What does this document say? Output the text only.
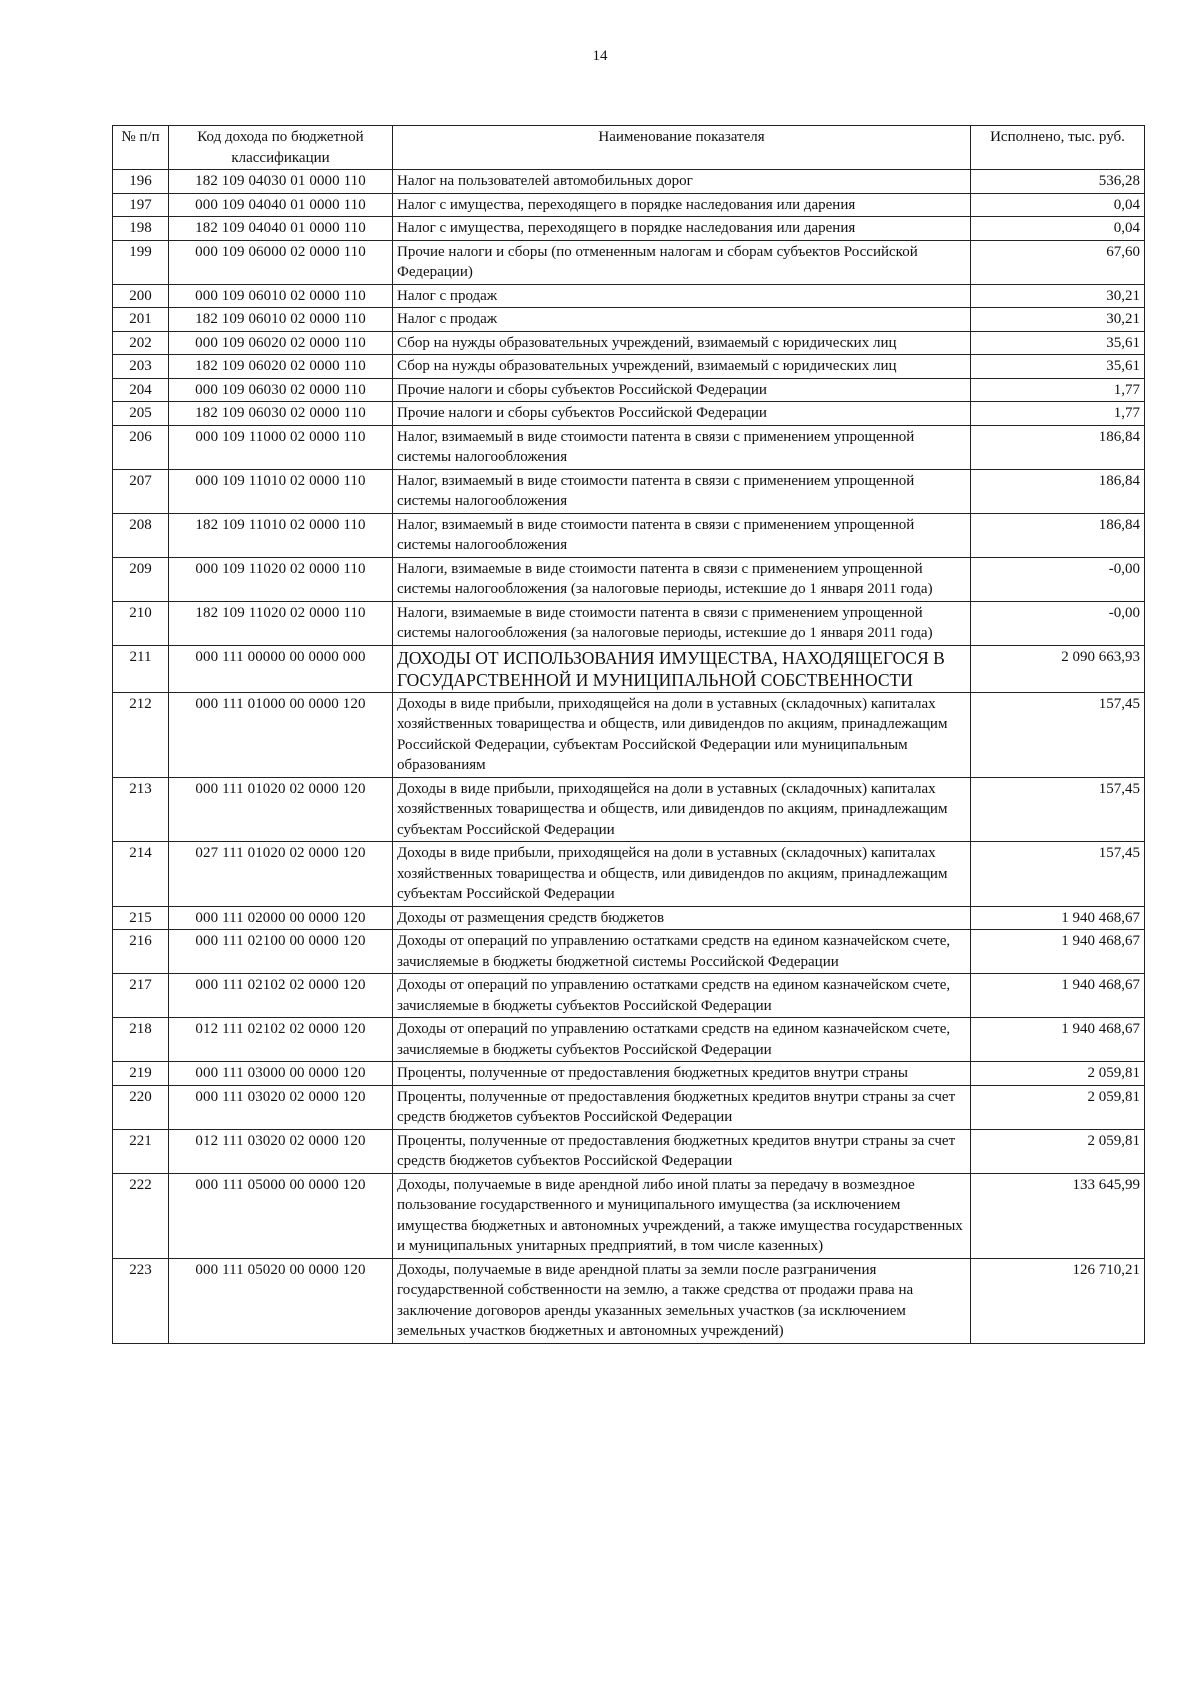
14
№ п/п	Код дохода по бюджетной классификации	Наименование показателя	Исполнено, тыс. руб.
196	182 109 04030 01 0000 110	Налог на пользователей автомобильных дорог	536,28
197	000 109 04040 01 0000 110	Налог с имущества, переходящего в порядке наследования или дарения	0,04
198	182 109 04040 01 0000 110	Налог с имущества, переходящего в порядке наследования или дарения	0,04
199	000 109 06000 02 0000 110	Прочие налоги и сборы (по отмененным налогам и сборам субъектов Российской Федерации)	67,60
200	000 109 06010 02 0000 110	Налог с продаж	30,21
201	182 109 06010 02 0000 110	Налог с продаж	30,21
202	000 109 06020 02 0000 110	Сбор на нужды образовательных учреждений, взимаемый с юридических лиц	35,61
203	182 109 06020 02 0000 110	Сбор на нужды образовательных учреждений, взимаемый с юридических лиц	35,61
204	000 109 06030 02 0000 110	Прочие налоги и сборы субъектов Российской Федерации	1,77
205	182 109 06030 02 0000 110	Прочие налоги и сборы субъектов Российской Федерации	1,77
206	000 109 11000 02 0000 110	Налог, взимаемый в виде стоимости патента в связи с применением упрощенной системы налогообложения	186,84
207	000 109 11010 02 0000 110	Налог, взимаемый в виде стоимости патента в связи с применением упрощенной системы налогообложения	186,84
208	182 109 11010 02 0000 110	Налог, взимаемый в виде стоимости патента в связи с применением упрощенной системы налогообложения	186,84
209	000 109 11020 02 0000 110	Налоги, взимаемые в виде стоимости патента в связи с применением упрощенной системы налогообложения (за налоговые периоды, истекшие до 1 января 2011 года)	-0,00
210	182 109 11020 02 0000 110	Налоги, взимаемые в виде стоимости патента в связи с применением упрощенной системы налогообложения (за налоговые периоды, истекшие до 1 января 2011 года)	-0,00
211	000 111 00000 00 0000 000	ДОХОДЫ ОТ ИСПОЛЬЗОВАНИЯ ИМУЩЕСТВА, НАХОДЯЩЕГОСЯ В ГОСУДАРСТВЕННОЙ И МУНИЦИПАЛЬНОЙ СОБСТВЕННОСТИ	2 090 663,93
212	000 111 01000 00 0000 120	Доходы в виде прибыли, приходящейся на доли в уставных (складочных) капиталах хозяйственных товарищества и обществ, или дивидендов по акциям, принадлежащим Российской Федерации, субъектам Российской Федерации или муниципальным образованиям	157,45
213	000 111 01020 02 0000 120	Доходы в виде прибыли, приходящейся на доли в уставных (складочных) капиталах хозяйственных товарищества и обществ, или дивидендов по акциям, принадлежащим субъектам Российской Федерации	157,45
214	027 111 01020 02 0000 120	Доходы в виде прибыли, приходящейся на доли в уставных (складочных) капиталах хозяйственных товарищества и обществ, или дивидендов по акциям, принадлежащим субъектам Российской Федерации	157,45
215	000 111 02000 00 0000 120	Доходы от размещения средств бюджетов	1 940 468,67
216	000 111 02100 00 0000 120	Доходы от операций по управлению остатками средств на едином казначейском счете, зачисляемые в бюджеты бюджетной системы Российской Федерации	1 940 468,67
217	000 111 02102 02 0000 120	Доходы от операций по управлению остатками средств на едином казначейском счете, зачисляемые в бюджеты субъектов Российской Федерации	1 940 468,67
218	012 111 02102 02 0000 120	Доходы от операций по управлению остатками средств на едином казначейском счете, зачисляемые в бюджеты субъектов Российской Федерации	1 940 468,67
219	000 111 03000 00 0000 120	Проценты, полученные от предоставления бюджетных кредитов внутри страны	2 059,81
220	000 111 03020 02 0000 120	Проценты, полученные от предоставления бюджетных кредитов внутри страны за счет средств бюджетов субъектов Российской Федерации	2 059,81
221	012 111 03020 02 0000 120	Проценты, полученные от предоставления бюджетных кредитов внутри страны за счет средств бюджетов субъектов Российской Федерации	2 059,81
222	000 111 05000 00 0000 120	Доходы, получаемые в виде арендной либо иной платы за передачу в возмездное пользование государственного и муниципального имущества (за исключением имущества бюджетных и автономных учреждений, а также имущества государственных и муниципальных унитарных предприятий, в том числе казенных)	133 645,99
223	000 111 05020 00 0000 120	Доходы, получаемые в виде арендной платы за земли после разграничения государственной собственности на землю, а также средства от продажи права на заключение договоров аренды указанных земельных участков (за исключением земельных участков бюджетных и автономных учреждений)	126 710,21
